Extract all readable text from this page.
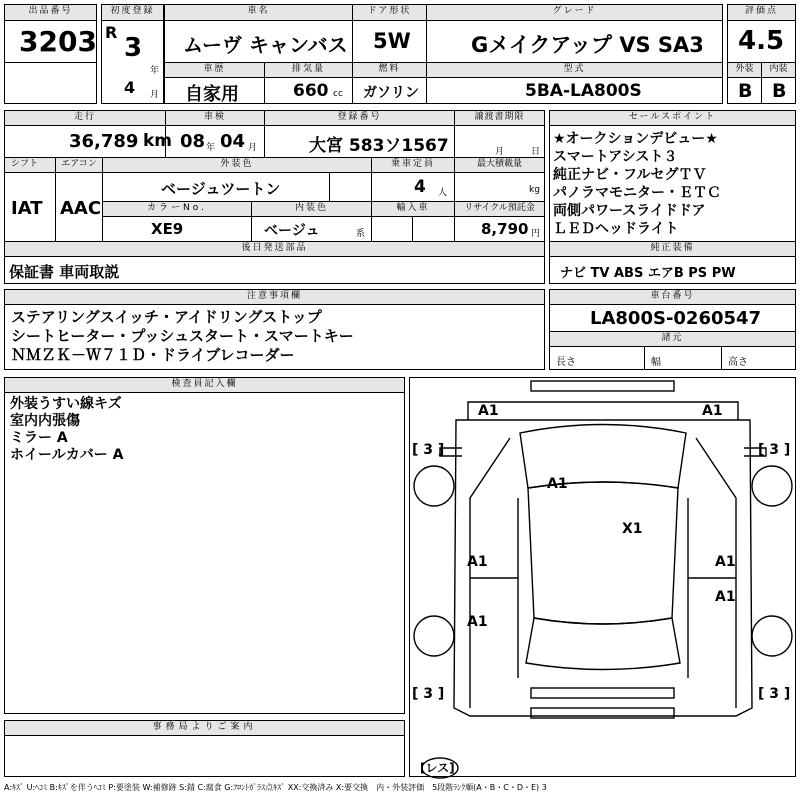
出品番号
3203
初度登録
R
3
年
4 月
車名
ムーヴ キャンバス
ドア形状
5W
グレード
Gメイクアップ VS SA3
評価点
4.5
車歴
自家用
排気量
660 cc
燃料
ガソリン
型式
5BA-LA800S
外装	内装
B B
走行
36,789 km
車検
08 年 04 月
登録番号
大宮 583ソ1567
譲渡書期限
月	日
シフト	エアコン
IAT AAC
外装色
ベージュツートン
乗車定員
4 人
最大積載量
kg
カラーNo.
XE9
内装色
ベージュ	系
輸入車	リサイクル預託金
8,790 円
後日発送部品
保証書 車両取説
セールスポイント
★オークションデビュー★
スマートアシスト３
純正ナビ・フルセグＴＶ
パノラマモニター・ＥＴＣ
両側パワースライドドア
ＬＥＤヘッドライト
純正装備
ナビ TV ABS エアB PS PW
注意事項欄
ステアリングスイッチ・アイドリングストップ
シートヒーター・プッシュスタート・スマートキー
ＮＭＺＫ－Ｗ７１Ｄ・ドライブレコーダー
車台番号
LA800S-0260547
諸元
長さ	幅	高さ
検査員記入欄
外装うすい線キズ
室内内張傷
ミラー A
ホイールカバー A
A1	A1
A1
X1
A1	A1
A1
A1
[ 3 ]	[ 3 ]
[ 3 ]	[ 3 ]
[レス]
事務局よりご案内
A:ｷｽﾞ U:ﾍｺﾐ B:ｷｽﾞを伴うﾍｺﾐ P:要塗装 W:補修跡 S:錆 C:腐食 G:ﾌﾛﾝﾄｶﾞﾗｽ点ｷｽﾞ XX:交換済み X:要交換　内・外装評価　5段階ﾗﾝｸ順(A・B・C・D・E) 3
